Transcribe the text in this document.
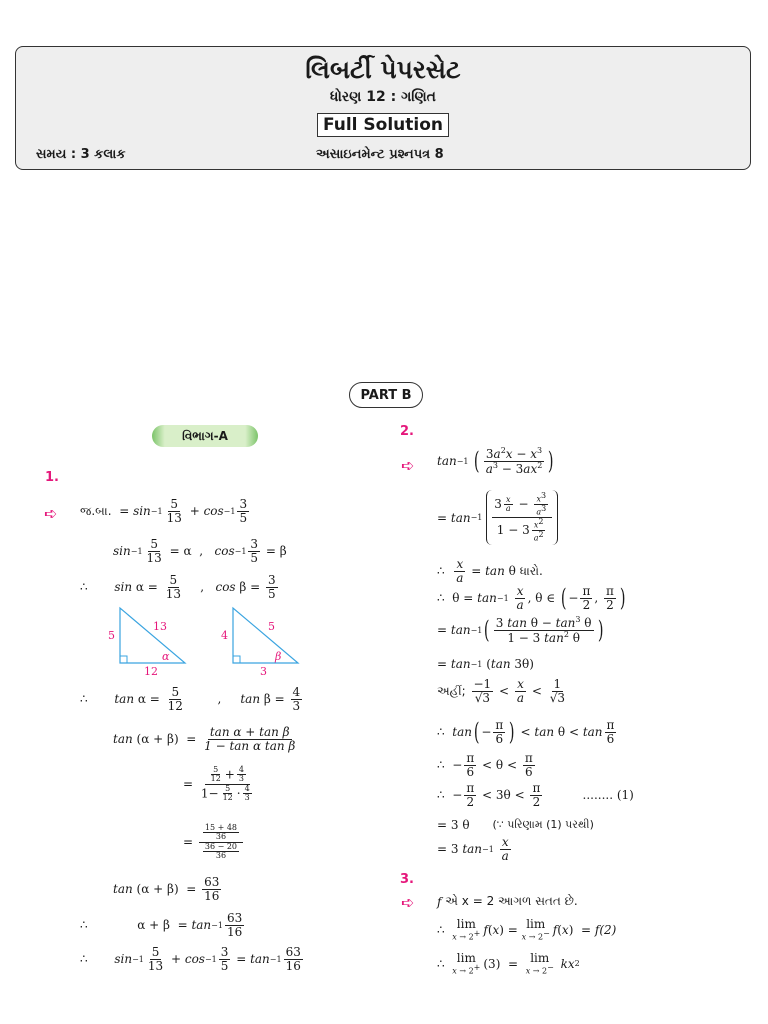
લિબર્ટી પેપરસેટ
ધોરણ 12 : ગણિત
Full Solution
સમય : 3 કલાક	અસાઇનમેન્ટ પ્રશ્નપત્ર 8
PART B
વિભાગ-A
1.
2.
3.
➪ જ.બા. = $\sin -1 \frac{5}{13} + \cos -1 \frac{3}{5}$
$\sin -1 \frac{5}{13}$
= α , $\cos -1 \frac{3}{5}$
= β
∴ $\sin \alpha = \frac{5}{13}$ , $\cos \beta = \frac{3}{5}$
5
13
12
α
4
5
3
β
∴ $\tan \alpha = \frac{5}{12}$ , $\tan \beta = \frac{4}{3}$
$\tan (\alpha + \beta) = \frac{\text{tan α + tan β}}{\text{1 − tan α tan β}}$
= $\frac{\frac{5}{12} + \frac{4}{3}}{1- \frac{5}{12} \cdot \frac{4}{3}}$
= $\frac{\frac{15 + 48}{36}}{\frac{36 - 20}{36}}$
$\tan (\alpha + \beta) = \frac{63}{16}$
∴             $\alpha + \beta = \tan -1 \frac{63}{16}$
∴ $\sin -1 \frac{5}{13} + \cos -1 \frac{3}{5} = \tan -1 \frac{63}{16}$
➪ tan −1
( $\frac{3a^2x - x^3}{a^3 - 3ax^2}$ )
= tan −1
$\frac{3 \frac{x}{a} - \frac{x^3}{a^3}}{1 - 3 \frac{x^2}{a^2}}$
∴ $\frac{x}{a} = \tan \theta$ ધારો.
∴  θ = tan −1
$\frac{x}{a}$ , θ ∈ ( − $\frac{\pi}{2}$ , $\frac{\pi}{2}$ )
= tan −1 ( $\frac{3 \tan \theta - \tan^3 \theta}{1 - 3 \tan^2 \theta}$ )
= tan −1 ( tan 3θ)
અહીં;
$\frac{-1}{√3} < \frac{x}{a} < \frac{1}{√3}$
∴ tan ( − $\frac{\pi}{6}$ ) < $\tan \theta < \tan \frac{\pi}{6}$
∴  − $\frac{\pi}{6} < \theta < \frac{\pi}{6}$
∴  − $\frac{\pi}{2} < 3\theta < \frac{\pi}{2}$
	........ (1)
= 3 θ (∵ પરિણામ (1) પરથી)
= 3 tan −1
$\frac{x}{a}$
➪ f
એ
x = 2 આગળ સતત છે.
∴ lim
x → 2+ f ( x ) = lim
x → 2− f ( x )  = f(2)
∴ lim
x → 2+ (3) = lim
x → 2−
kx 2
